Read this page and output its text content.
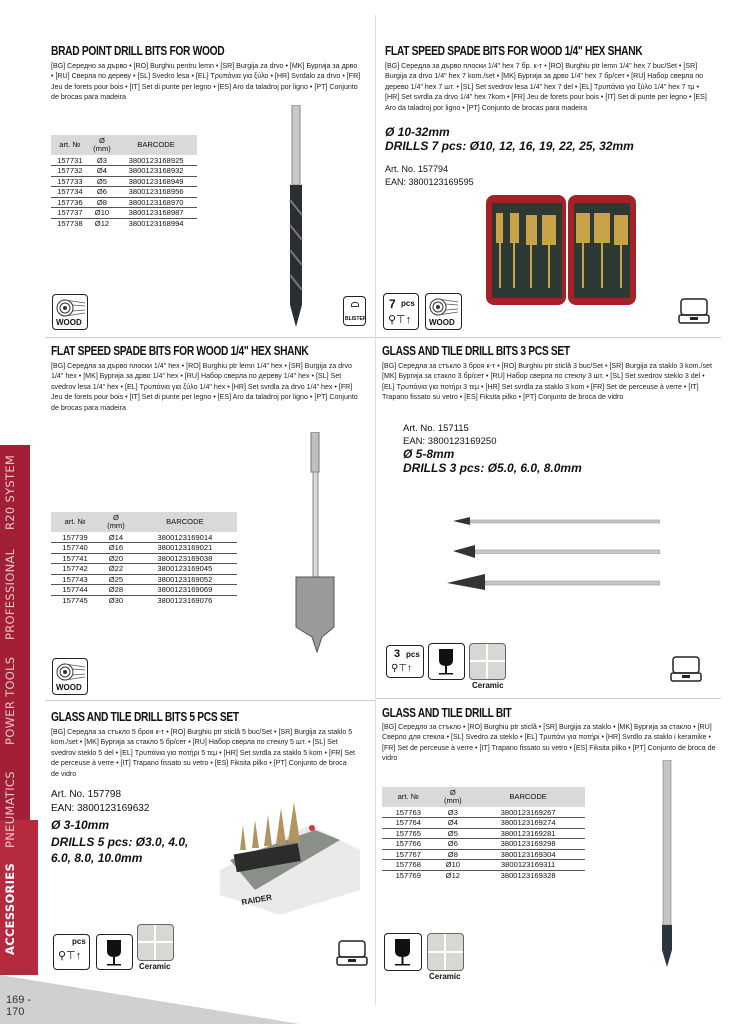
R20 SYSTEM
PROFESSIONAL
POWER TOOLS
PNEUMATICS
ACCESSORIES
169 - 170
BRAD POINT DRILL BITS FOR WOOD
[BG] Середно за дърво • [RO] Burghiu pentru lemn • [SR] Burgija za drvo • [MK] Бургија за дрво • [RU] Сверла по дереву • [SL] Svedro lesa • [EL] Τρυπάνια για ξύλο • [HR] Svrdalo za drvo • [FR] Jeu de forets pour bois • [IT] Set di punte per legno • [ES] Aro da taladroj por ligno • [PT] Conjunto de brocas para madeira
art. №	Ø
(mm)	BARCODE
157731	Ø3	3800123168925
157732	Ø4	3800123168932
157733	Ø5	3800123168949
157734	Ø6	3800123168956
157736	Ø8	3800123168970
157737	Ø10	3800123168987
157738	Ø12	3800123168994
WOOD	BLISTER
FLAT SPEED SPADE BITS FOR WOOD 1/4" HEX SHANK
[BG] Середла за дърво плоски 1/4" hex 7 бр. к-т • [RO] Burghiu ptr lemn 1/4" hex 7 buc/Set • [SR] Burgija za drvo 1/4" hex 7 kom./set • [MK] Бургија за дрво 1/4" hex 7 бр/сет • [RU] Набор сверла по дерево 1/4" hex 7 шт. • [SL] Set svedrov lesa 1/4" hex 7 del • [EL] Τρυπάνια για ξύλο 1/4" hex 7 τμ • [HR] Set svrdla za drvo 1/4" hex 7kom • [FR] Jeu de forets pour bois • [IT] Set di punte per legno • [ES] Aro da taladroj por ligno • [PT] Conjunto de brocas para madeira
Ø 10-32mm
DRILLS 7 pcs: Ø10, 12, 16, 19, 22, 25, 32mm
Art. No. 157794
EAN: 3800123169595
7 pcs
⚲⊤↑ WOOD
FLAT SPEED SPADE BITS FOR WOOD 1/4" HEX SHANK
[BG] Середла за дърво плоски 1/4" hex • [RO] Burghiu ptr lemn 1/4" hex • [SR] Burgija za drvo 1/4" hex • [MK] Бургија за дрво 1/4" hex • [RU] Набор сверла по дереву 1/4" hex • [SL] Set svedrov lesa 1/4" hex • [EL] Τρυπάνια για ξύλο 1/4" hex • [HR] Set svrdla za drvo 1/4" hex • [FR] Jeu de forets pour bois • [IT] Set di punte per legno • [ES] Aro da taladroj por ligno • [PT] Conjunto de brocas para madeira
art. №	Ø
(mm)	BARCODE
157739	Ø14	3800123169014
157740	Ø16	3800123169021
157741	Ø20	3800123169038
157742	Ø22	3800123169045
157743	Ø25	3800123169052
157744	Ø28	3800123169069
157745	Ø30	3800123169076
WOOD
GLASS AND TILE DRILL BITS 3 PCS SET
[BG] Середла за стъкло 3 броя к-т • [RO] Burghiu ptr sticlă 3 buc/Set • [SR] Burgija za staklo 3 kom./set [MK] Бургија за стакло 3 бр/сет • [RU] Набор сверла по стеклу 3 шт. • [SL] Set svedrov steklo 3 del • [EL] Τρυπάνια για ποτήρι 3 τεμ • [HR] Set svrdla za staklo 3 kom • [FR] Set de perceuse à verre • [IT] Trapano fissato su vetro • [ES] Fiksita pilko • [PT] Conjunto de broca de vidro
Art. No. 157115
EAN: 3800123169250
Ø 5-8mm
DRILLS 3 pcs: Ø5.0, 6.0, 8.0mm
3 pcs
⚲⊤↑
Ceramic
GLASS AND TILE DRILL BITS 5 PCS SET
[BG] Середла за стъкло 5 броя к-т • [RO] Burghiu ptr sticlă 5 buc/Set • [SR] Burgija za staklo 5 kom./set • [MK] Бургија за стакло 5 бр/сет • [RU] Набор сверла по стеклу 5 шт. • [SL] Set svedrov steklo 5 del • [EL] Τρυπάνια για ποτήρι 5 τεμ • [HR] Set svrdla za staklo 5 kom • [FR] Set de perceuse à verre • [IT] Trapano fissato su vetro • [ES] Fiksita pilko • [PT] Conjunto de broca de vidro
Art. No. 157798
EAN: 3800123169632
Ø 3-10mm
DRILLS 5 pcs: Ø3.0, 4.0, 6.0, 8.0, 10.0mm
RAIDER
pcs
⚲⊤↑
Ceramic
GLASS AND TILE DRILL BIT
[BG] Середло за стъкло • [RO] Burghiu ptr sticlă • [SR] Burgija za staklo • [MK] Бургија за стакло • [RU] Сверло для стекла • [SL] Svedro za steklo • [EL] Τρυπάνι για ποτήρι • [HR] Svrdlo za staklo i keramike • [FR] Set de perceuse à verre • [IT] Trapano fissato su vetro • [ES] Fiksita pilko • [PT] Conjunto de broca de vidro
art. №	Ø
(mm)	BARCODE
157763	Ø3	3800123169267
157764	Ø4	3800123169274
157765	Ø5	3800123169281
157766	Ø6	3800123169298
157767	Ø8	3800123169304
157768	Ø10	3800123169311
157769	Ø12	3800123169328
Ceramic
